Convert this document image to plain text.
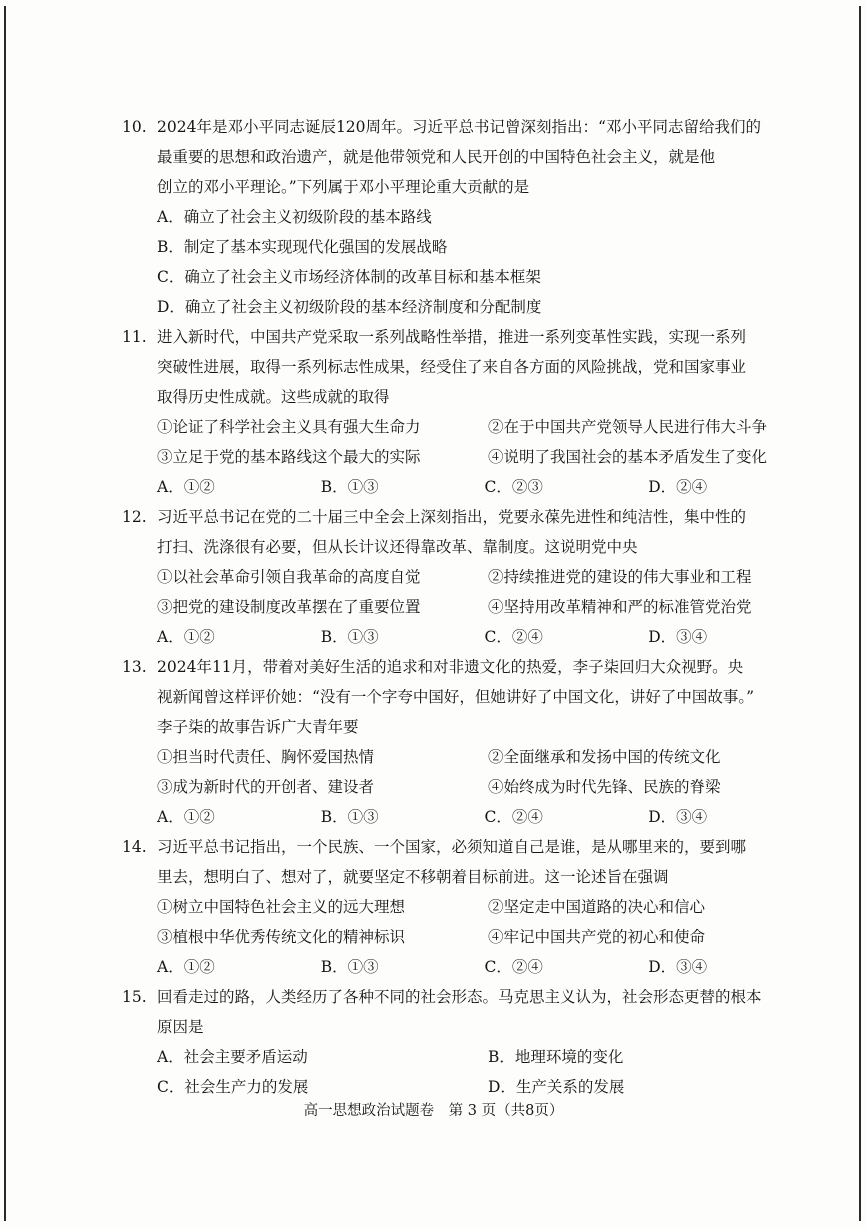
10. 2024年是邓小平同志诞辰120周年。习近平总书记曾深刻指出：“邓小平同志留给我们的
最重要的思想和政治遗产，就是他带领党和人民开创的中国特色社会主义，就是他
创立的邓小平理论。”下列属于邓小平理论重大贡献的是
A．确立了社会主义初级阶段的基本路线
B．制定了基本实现现代化强国的发展战略
C．确立了社会主义市场经济体制的改革目标和基本框架
D．确立了社会主义初级阶段的基本经济制度和分配制度
11. 进入新时代，中国共产党采取一系列战略性举措，推进一系列变革性实践，实现一系列
突破性进展，取得一系列标志性成果，经受住了来自各方面的风险挑战，党和国家事业
取得历史性成就。这些成就的取得
①论证了科学社会主义具有强大生命力	②在于中国共产党领导人民进行伟大斗争
③立足于党的基本路线这个最大的实际	④说明了我国社会的基本矛盾发生了变化
A．①②	B．①③	C．②③	D．②④
12. 习近平总书记在党的二十届三中全会上深刻指出，党要永葆先进性和纯洁性，集中性的
打扫、洗涤很有必要，但从长计议还得靠改革、靠制度。这说明党中央
①以社会革命引领自我革命的高度自觉	②持续推进党的建设的伟大事业和工程
③把党的建设制度改革摆在了重要位置	④坚持用改革精神和严的标准管党治党
A．①②	B．①③	C．②④	D．③④
13. 2024年11月，带着对美好生活的追求和对非遗文化的热爱，李子柒回归大众视野。央
视新闻曾这样评价她：“没有一个字夸中国好，但她讲好了中国文化，讲好了中国故事。”
李子柒的故事告诉广大青年要
①担当时代责任、胸怀爱国热情	②全面继承和发扬中国的传统文化
③成为新时代的开创者、建设者	④始终成为时代先锋、民族的脊梁
A．①②	B．①③	C．②④	D．③④
14. 习近平总书记指出，一个民族、一个国家，必须知道自己是谁，是从哪里来的，要到哪
里去，想明白了、想对了，就要坚定不移朝着目标前进。这一论述旨在强调
①树立中国特色社会主义的远大理想	②坚定走中国道路的决心和信心
③植根中华优秀传统文化的精神标识	④牢记中国共产党的初心和使命
A．①②	B．①③	C．②④	D．③④
15. 回看走过的路，人类经历了各种不同的社会形态。马克思主义认为，社会形态更替的根本
原因是
A．社会主要矛盾运动	B．地理环境的变化
C．社会生产力的发展	D．生产关系的发展
高一思想政治试题卷　第 3 页（共8页）
